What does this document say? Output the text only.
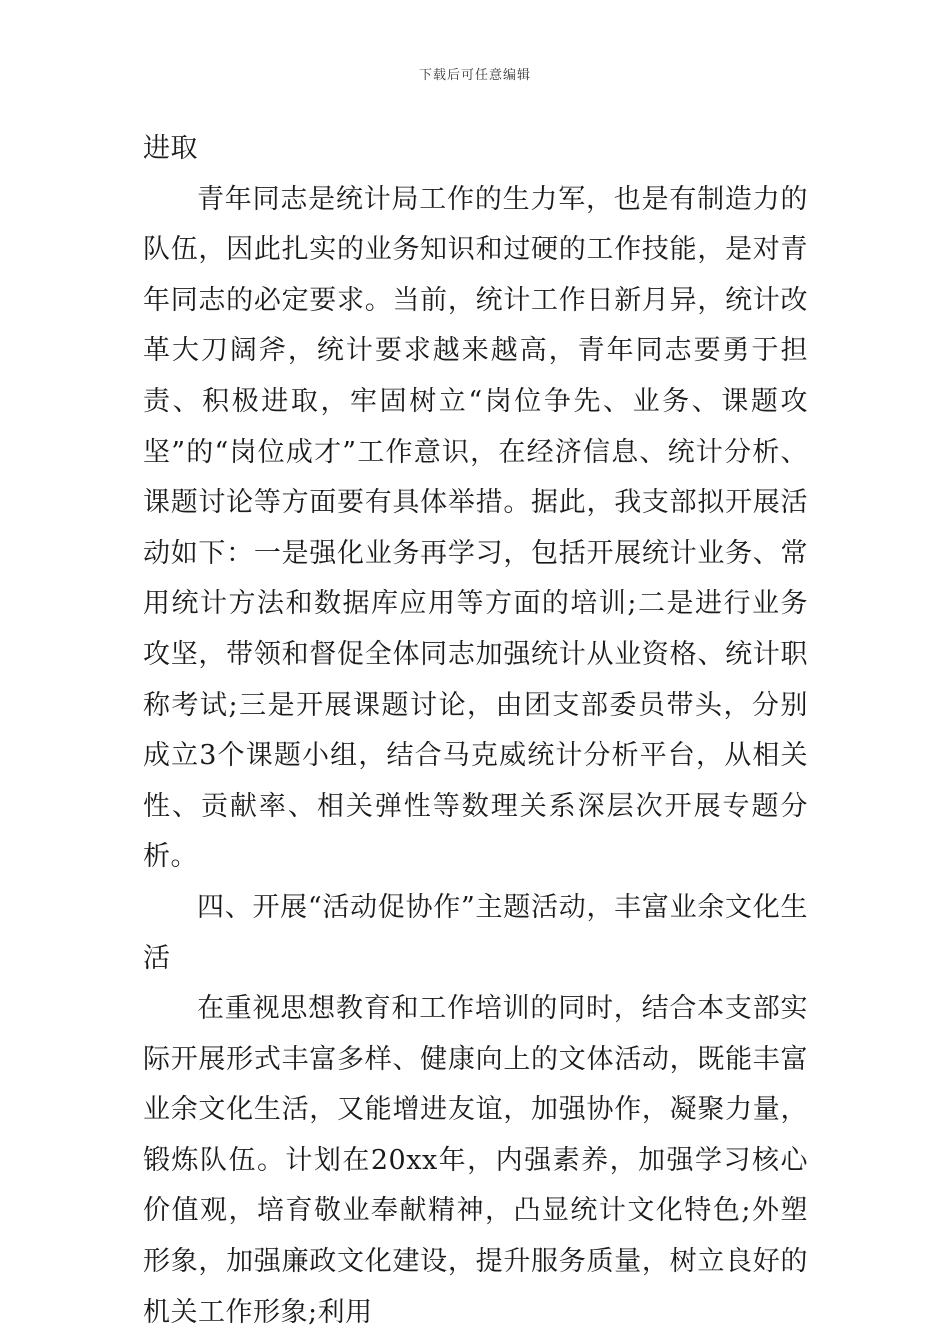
下载后可任意编辑

进取

青年同志是统计局工作的生力军，也是有制造力的队伍，因此扎实的业务知识和过硬的工作技能，是对青年同志的必定要求。当前，统计工作日新月异，统计改革大刀阔斧，统计要求越来越高，青年同志要勇于担责、积极进取，牢固树立“岗位争先、业务、课题攻坚”的“岗位成才”工作意识，在经济信息、统计分析、课题讨论等方面要有具体举措。据此，我支部拟开展活动如下：一是强化业务再学习，包括开展统计业务、常用统计方法和数据库应用等方面的培训;二是进行业务攻坚，带领和督促全体同志加强统计从业资格、统计职称考试;三是开展课题讨论，由团支部委员带头，分别成立3个课题小组，结合马克威统计分析平台，从相关性、贡献率、相关弹性等数理关系深层次开展专题分析。

四、开展“活动促协作”主题活动，丰富业余文化生活

在重视思想教育和工作培训的同时，结合本支部实际开展形式丰富多样、健康向上的文体活动，既能丰富业余文化生活，又能增进友谊，加强协作，凝聚力量，锻炼队伍。计划在20xx年，内强素养，加强学习核心价值观，培育敬业奉献精神，凸显统计文化特色;外塑形象，加强廉政文化建设，提升服务质量，树立良好的机关工作形象;利用
